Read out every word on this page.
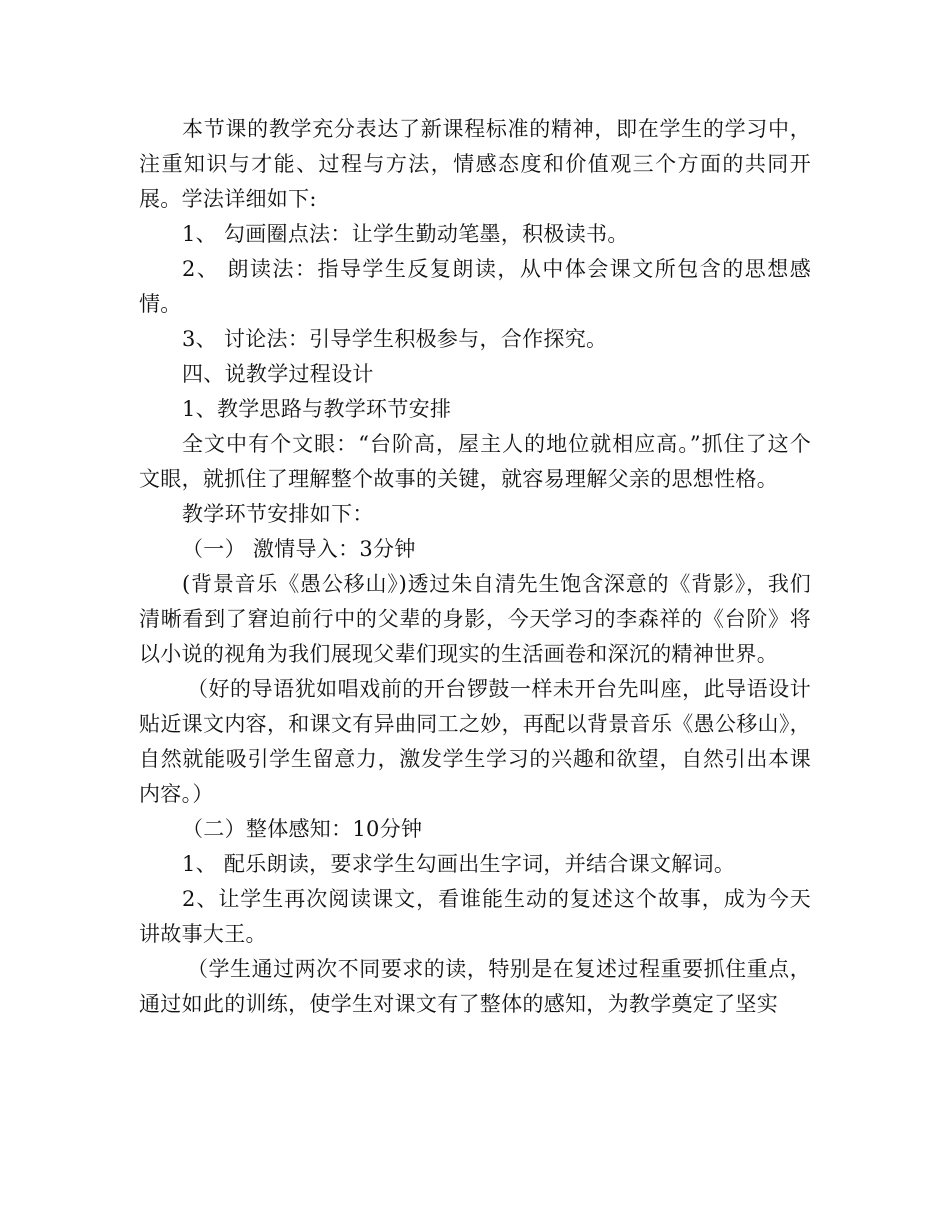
本节课的教学充分表达了新课程标准的精神，即在学生的学习中，注重知识与才能、过程与方法，情感态度和价值观三个方面的共同开展。学法详细如下:

1、 勾画圈点法：让学生勤动笔墨，积极读书。

2、 朗读法：指导学生反复朗读，从中体会课文所包含的思想感情。

3、 讨论法：引导学生积极参与，合作探究。

四、说教学过程设计

1、教学思路与教学环节安排

全文中有个文眼：“台阶高，屋主人的地位就相应高。”抓住了这个文眼，就抓住了理解整个故事的关键，就容易理解父亲的思想性格。

教学环节安排如下：

（一） 激情导入：3分钟

(背景音乐《愚公移山》)透过朱自清先生饱含深意的《背影》，我们清晰看到了窘迫前行中的父辈的身影，今天学习的李森祥的《台阶》将以小说的视角为我们展现父辈们现实的生活画卷和深沉的精神世界。

（好的导语犹如唱戏前的开台锣鼓一样未开台先叫座，此导语设计贴近课文内容，和课文有异曲同工之妙，再配以背景音乐《愚公移山》，自然就能吸引学生留意力，激发学生学习的兴趣和欲望，自然引出本课内容。）

（二）整体感知：10分钟

1、 配乐朗读，要求学生勾画出生字词，并结合课文解词。

2、让学生再次阅读课文，看谁能生动的复述这个故事，成为今天讲故事大王。

（学生通过两次不同要求的读，特别是在复述过程重要抓住重点，通过如此的训练，使学生对课文有了整体的感知，为教学奠定了坚实
